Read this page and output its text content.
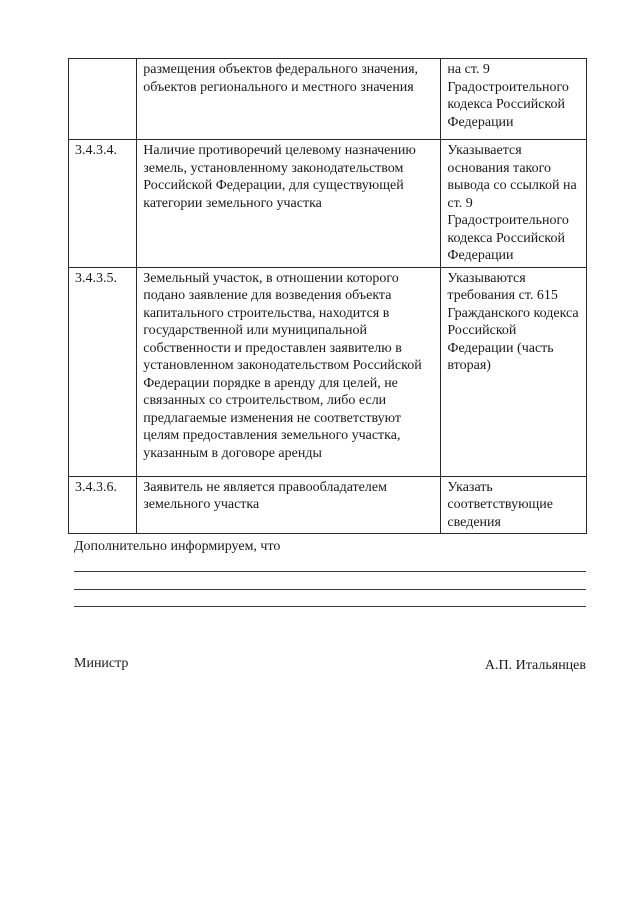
	размещения объектов федерального значения, объектов регионального и местного значения	на ст. 9 Градостроительного кодекса Российской Федерации
3.4.3.4.	Наличие противоречий целевому назначению земель, установленному законодательством Российской Федерации, для существующей категории земельного участка	Указывается основания такого вывода со ссылкой на ст. 9 Градостроительного кодекса Российской Федерации
3.4.3.5.	Земельный участок, в отношении которого подано заявление для возведения объекта капитального строительства, находится в государственной или муниципальной собственности и предоставлен заявителю в установленном законодательством Российской Федерации порядке в аренду для целей, не связанных со строительством, либо если предлагаемые изменения не соответствуют целям предоставления земельного участка, указанным в договоре аренды	Указываются требования ст. 615 Гражданского кодекса Российской Федерации (часть вторая)
3.4.3.6.	Заявитель не является правообладателем земельного участка	Указать соответствующие сведения
Дополнительно информируем, что
Министр	А.П. Итальянцев
